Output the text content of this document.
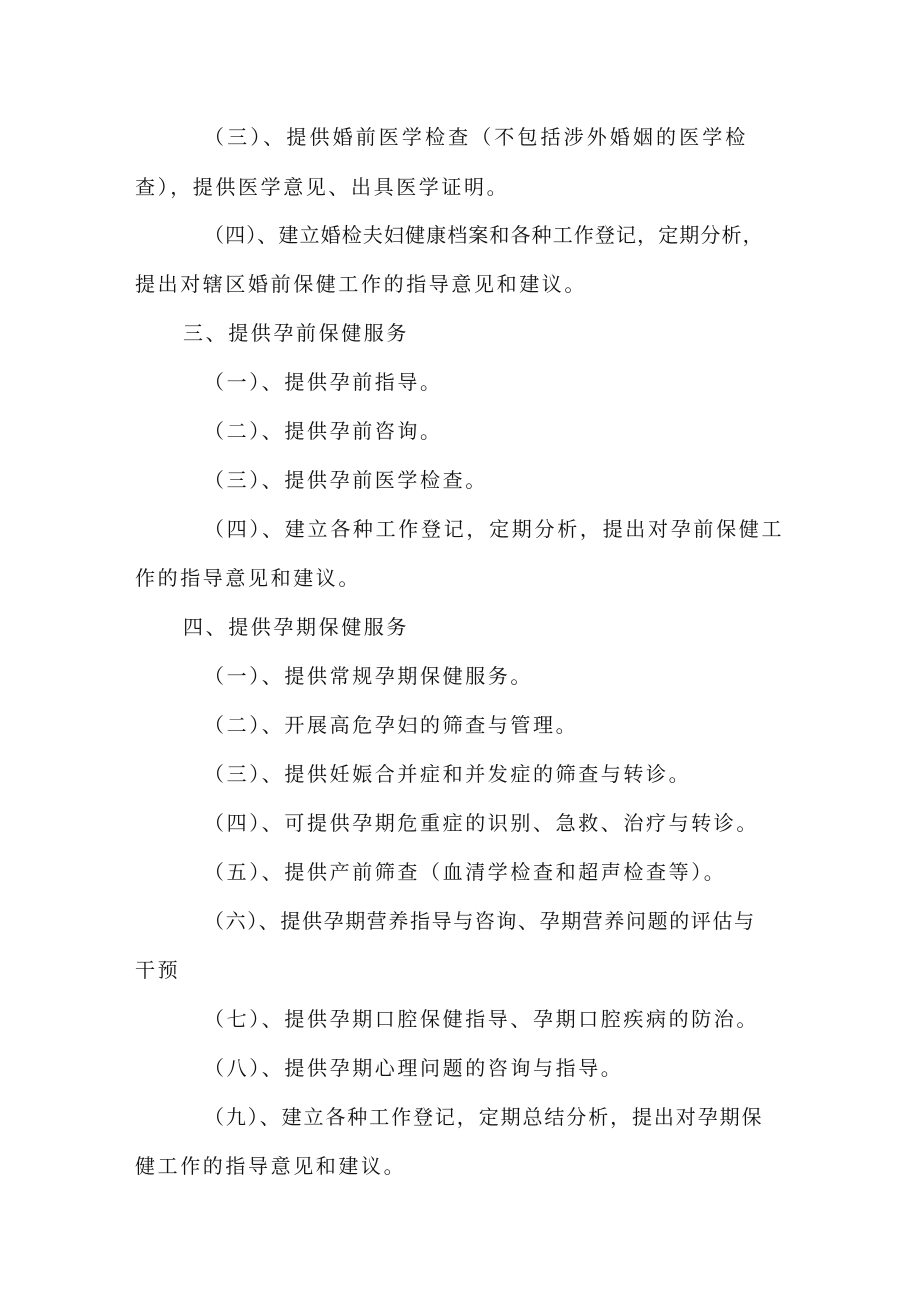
（三）、提供婚前医学检查（不包括涉外婚姻的医学检
查），提供医学意见、出具医学证明。
（四）、建立婚检夫妇健康档案和各种工作登记，定期分析，
提出对辖区婚前保健工作的指导意见和建议。
三、提供孕前保健服务
（一）、提供孕前指导。
（二）、提供孕前咨询。
（三）、提供孕前医学检查。
（四）、建立各种工作登记，定期分析，提出对孕前保健工
作的指导意见和建议。
四、提供孕期保健服务
（一）、提供常规孕期保健服务。
（二）、开展高危孕妇的筛查与管理。
（三）、提供妊娠合并症和并发症的筛查与转诊。
（四）、可提供孕期危重症的识别、急救、治疗与转诊。
（五）、提供产前筛查（血清学检查和超声检查等）。
（六）、提供孕期营养指导与咨询、孕期营养问题的评估与
干预
（七）、提供孕期口腔保健指导、孕期口腔疾病的防治。
（八）、提供孕期心理问题的咨询与指导。
（九）、建立各种工作登记，定期总结分析，提出对孕期保
健工作的指导意见和建议。
